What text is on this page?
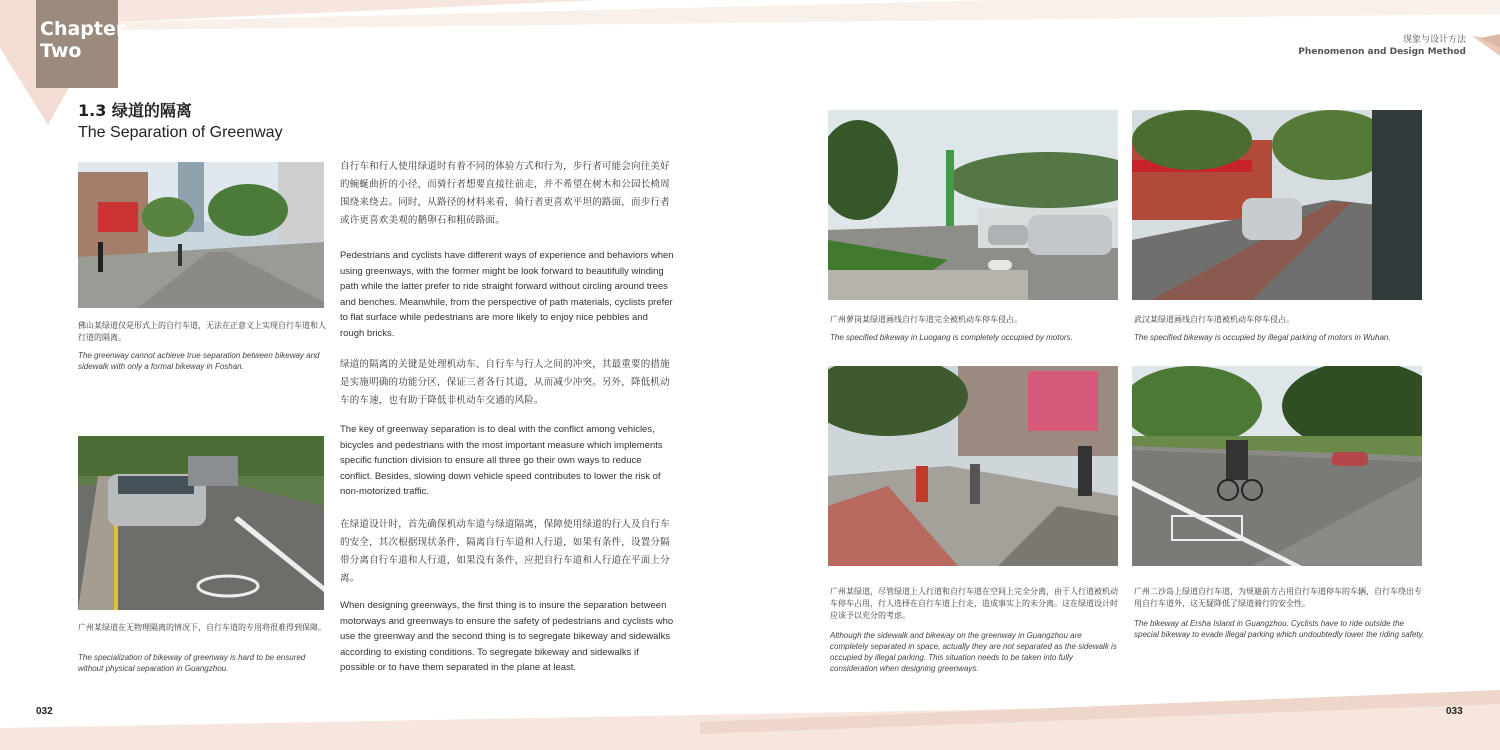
Chapter
Two	现象与设计方法
Phenomenon and Design Method
1.3 绿道的隔离
The Separation of Greenway
佛山某绿道仅是形式上的自行车道，无法在正意义上实现自行车道和人行道的隔离。
The greenway cannot achieve true separation between bikeway and sidewalk with only a formal bikeway in Foshan.
广州某绿道在无物理隔离的情况下，自行车道的专用将很难得到保障。
The specialization of bikeway of greenway is hard to be ensured without physical separation in Guangzhou.
自行车和行人使用绿道时有着不同的体验方式和行为，步行者可能会向往美好的蜿蜒曲折的小径，而骑行者想要直接往前走，并不希望在树木和公园长椅周围绕来绕去。同时，从路径的材料来看，骑行者更喜欢平坦的路面，而步行者或许更喜欢美观的鹅卵石和粗砖路面。
Pedestrians and cyclists have different ways of experience and behaviors when using greenways, with the former might be look forward to beautifully winding path while the latter prefer to ride straight forward without circling around trees and benches. Meanwhile, from the perspective of path materials, cyclists prefer to flat surface while pedestrians are more likely to enjoy nice pebbles and rough bricks.
绿道的隔离的关键是处理机动车、自行车与行人之间的冲突，其最重要的措施是实施明确的功能分区，保证三者各行其道，从而减少冲突。另外，降低机动车的车速，也有助于降低非机动车交通的风险。
The key of greenway separation is to deal with the conflict among vehicles, bicycles and pedestrians with the most important measure which implements specific function division to ensure all three go their own ways to reduce conflict. Besides, slowing down vehicle speed contributes to lower the risk of non-motorized traffic.
在绿道设计时，首先确保机动车道与绿道隔离，保障使用绿道的行人及自行车的安全，其次根据现状条件，隔离自行车道和人行道，如果有条件，设置分隔带分离自行车道和人行道，如果没有条件，应把自行车道和人行道在平面上分离。
When designing greenways, the first thing is to insure the separation between motorways and greenways to ensure the safety of pedestrians and cyclists who use the greenway and the second thing is to segregate bikeway and sidewalks according to existing conditions. To segregate bikeway and sidewalks if possible or to have them separated in the plane at least.
广州萝岗某绿道画线自行车道完全被机动车停车侵占。
The specified bikeway in Luogang is completely occupied by motors.
武汉某绿道画线自行车道被机动车停车侵占。
The specified bikeway is occupied by illegal parking of motors in Wuhan.
广州某绿道，尽管绿道上人行道和自行车道在空间上完全分离，由于人行道被机动车停车占用，行人选择在自行车道上行走，造成事实上的未分离。这在绿道设计时应该予以充分的考虑。
Although the sidewalk and bikeway on the greenway in Guangzhou are completely separated in space, actually they are not separated as the sidewalk is occupied by illegal parking. This situation needs to be taken into fully consideration when designing greenways.
广州二沙岛上绿道自行车道，为规避前方占用自行车道停车的车辆，自行车绕出专用自行车道外，这无疑降低了绿道骑行的安全性。
The bikeway at Ersha Island in Guangzhou. Cyclists have to ride outside the special bikeway to evade illegal parking which undoubtedly lower the riding safety.
032	033
